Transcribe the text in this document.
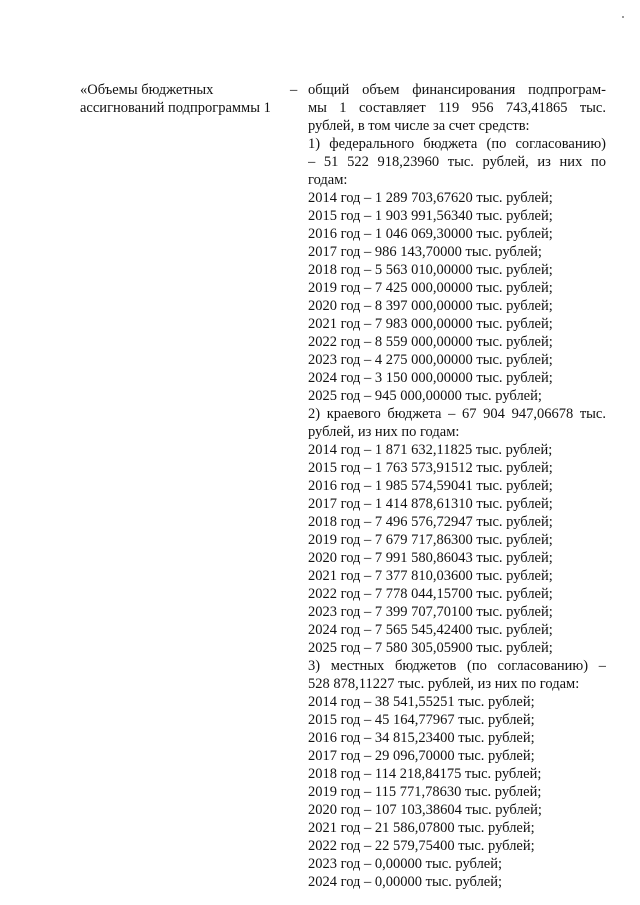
«Объемы бюджетных
ассигнований подпрограммы 1
– общий объем финансирования подпрограм-
мы 1 составляет 119 956 743,41865 тыс.
рублей, в том числе за счет средств:
1) федерального бюджета (по согласованию)
– 51 522 918,23960 тыс. рублей, из них по
годам:
2014 год – 1 289 703,67620 тыс. рублей;
2015 год – 1 903 991,56340 тыс. рублей;
2016 год – 1 046 069,30000 тыс. рублей;
2017 год – 986 143,70000 тыс. рублей;
2018 год – 5 563 010,00000 тыс. рублей;
2019 год – 7 425 000,00000 тыс. рублей;
2020 год – 8 397 000,00000 тыс. рублей;
2021 год – 7 983 000,00000 тыс. рублей;
2022 год – 8 559 000,00000 тыс. рублей;
2023 год – 4 275 000,00000 тыс. рублей;
2024 год – 3 150 000,00000 тыс. рублей;
2025 год – 945 000,00000 тыс. рублей;
2) краевого бюджета – 67 904 947,06678 тыс.
рублей, из них по годам:
2014 год – 1 871 632,11825 тыс. рублей;
2015 год – 1 763 573,91512 тыс. рублей;
2016 год – 1 985 574,59041 тыс. рублей;
2017 год – 1 414 878,61310 тыс. рублей;
2018 год – 7 496 576,72947 тыс. рублей;
2019 год – 7 679 717,86300 тыс. рублей;
2020 год – 7 991 580,86043 тыс. рублей;
2021 год – 7 377 810,03600 тыс. рублей;
2022 год – 7 778 044,15700 тыс. рублей;
2023 год – 7 399 707,70100 тыс. рублей;
2024 год – 7 565 545,42400 тыс. рублей;
2025 год – 7 580 305,05900 тыс. рублей;
3) местных бюджетов (по согласованию) –
528 878,11227 тыс. рублей, из них по годам:
2014 год – 38 541,55251 тыс. рублей;
2015 год – 45 164,77967 тыс. рублей;
2016 год – 34 815,23400 тыс. рублей;
2017 год – 29 096,70000 тыс. рублей;
2018 год – 114 218,84175 тыс. рублей;
2019 год – 115 771,78630 тыс. рублей;
2020 год – 107 103,38604 тыс. рублей;
2021 год – 21 586,07800 тыс. рублей;
2022 год – 22 579,75400 тыс. рублей;
2023 год – 0,00000 тыс. рублей;
2024 год – 0,00000 тыс. рублей;
